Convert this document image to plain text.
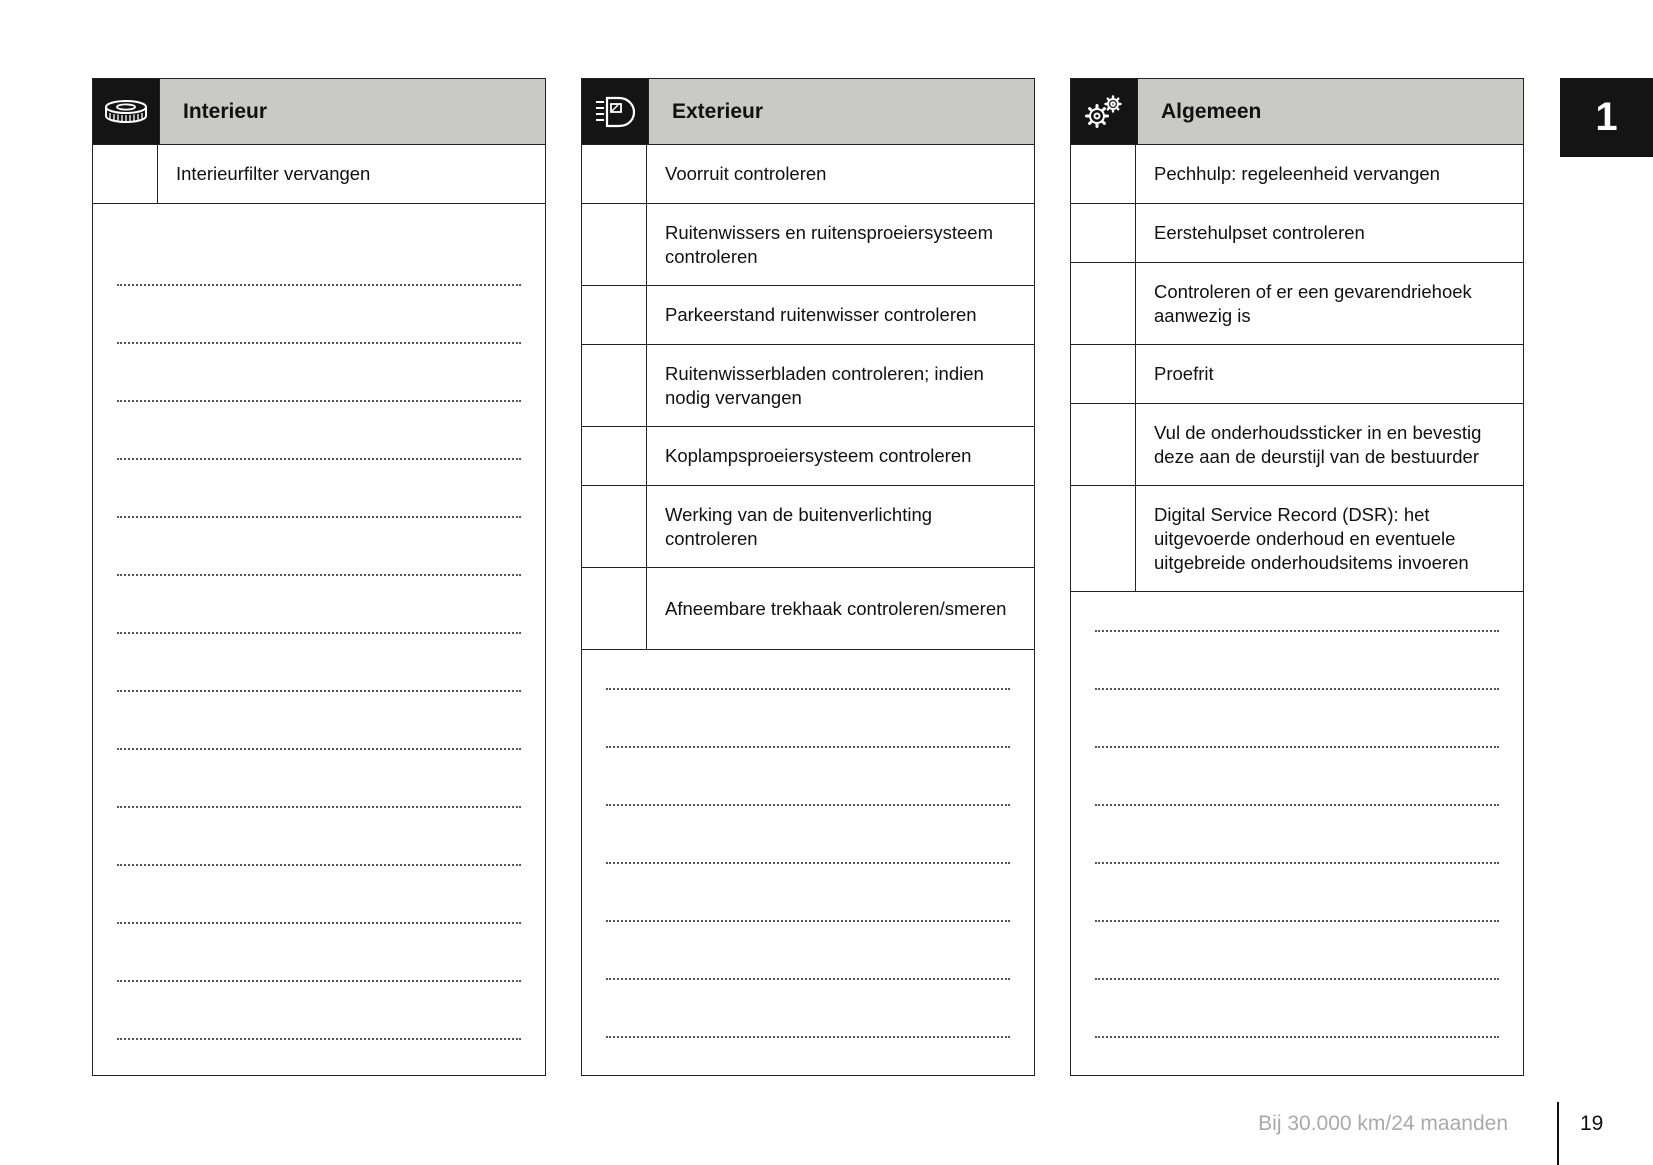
Interieur
Interieurfilter vervangen
Exterieur
Voorruit controleren
Ruitenwissers en ruitensproeiersysteem controleren
Parkeerstand ruitenwisser controleren
Ruitenwisserbladen controleren; indien nodig vervangen
Koplampsproeiersysteem controleren
Werking van de buitenverlichting controleren
Afneembare trekhaak controleren/smeren
Algemeen
Pechhulp: regeleenheid vervangen
Eerstehulpset controleren
Controleren of er een gevarendriehoek aanwezig is
Proefrit
Vul de onderhoudssticker in en bevestig deze aan de deurstijl van de bestuurder
Digital Service Record (DSR): het uitgevoerde onderhoud en eventuele uitgebreide onderhoudsitems invoeren
1
Bij 30.000 km/24 maanden	19
